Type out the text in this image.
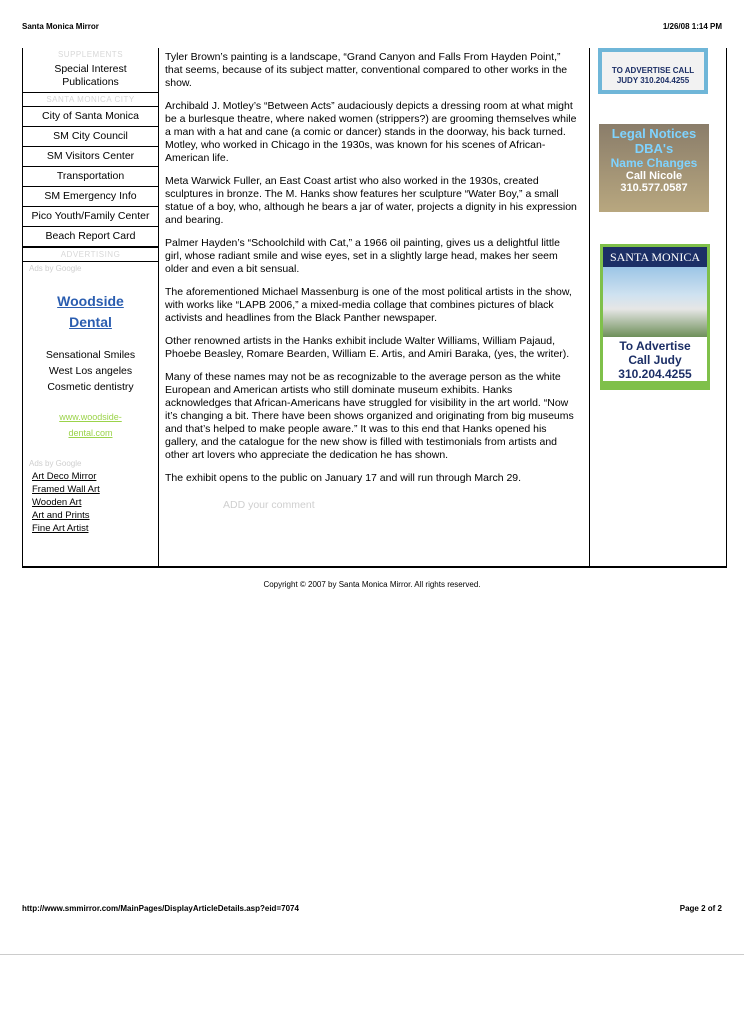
Santa Monica Mirror	1/26/08 1:14 PM
SUPPLEMENTS
Special Interest Publications
SANTA MONICA CITY
City of Santa Monica
SM City Council
SM Visitors Center
Transportation
SM Emergency Info
Pico Youth/Family Center
Beach Report Card
ADVERTISING
Ads by Google
Woodside
Dental
Sensational Smiles
West Los angeles
Cosmetic dentistry
www.woodside-
dental.com
Ads by Google
Art Deco Mirror
Framed Wall Art
Wooden Art
Art and Prints
Fine Art Artist

Tyler Brown’s painting is a landscape, “Grand Canyon and Falls From Hayden Point,” that seems, because of its subject matter, conventional compared to other works in the show.

Archibald J. Motley’s “Between Acts” audaciously depicts a dressing room at what might be a burlesque theatre, where naked women (strippers?) are grooming themselves while a man with a hat and cane (a comic or dancer) stands in the doorway, his back turned. Motley, who worked in Chicago in the 1930s, was known for his scenes of African-American life.

Meta Warwick Fuller, an East Coast artist who also worked in the 1930s, created sculptures in bronze. The M. Hanks show features her sculpture “Water Boy,” a small statue of a boy, who, although he bears a jar of water, projects a dignity in his expression and bearing.

Palmer Hayden’s “Schoolchild with Cat,” a 1966 oil painting, gives us a delightful little girl, whose radiant smile and wise eyes, set in a slightly large head, makes her seem older and even a bit sensual.

The aforementioned Michael Massenburg is one of the most political artists in the show, with works like “LAPB 2006,” a mixed-media collage that combines pictures of black activists and headlines from the Black Panther newspaper.

Other renowned artists in the Hanks exhibit include Walter Williams, William Pajaud, Phoebe Beasley, Romare Bearden, William E. Artis, and Amiri Baraka, (yes, the writer).

Many of these names may not be as recognizable to the average person as the white European and American artists who still dominate museum exhibits. Hanks acknowledges that African-Americans have struggled for visibility in the art world. “Now it’s changing a bit. There have been shows organized and originating from big museums and that’s helped to make people aware.” It was to this end that Hanks opened his gallery, and the catalogue for the new show is filled with testimonials from artists and other art lovers who appreciate the dedication he has shown.

The exhibit opens to the public on January 17 and will run through March 29.

ADD your comment
TO ADVERTISE CALL
JUDY 310.204.4255
Legal Notices
DBA's
Name Changes
Call Nicole
310.577.0587
SANTA MONICA
To Advertise
Call Judy
310.204.4255
Copyright © 2007 by Santa Monica Mirror. All rights reserved.
http://www.smmirror.com/MainPages/DisplayArticleDetails.asp?eid=7074	Page 2 of 2
